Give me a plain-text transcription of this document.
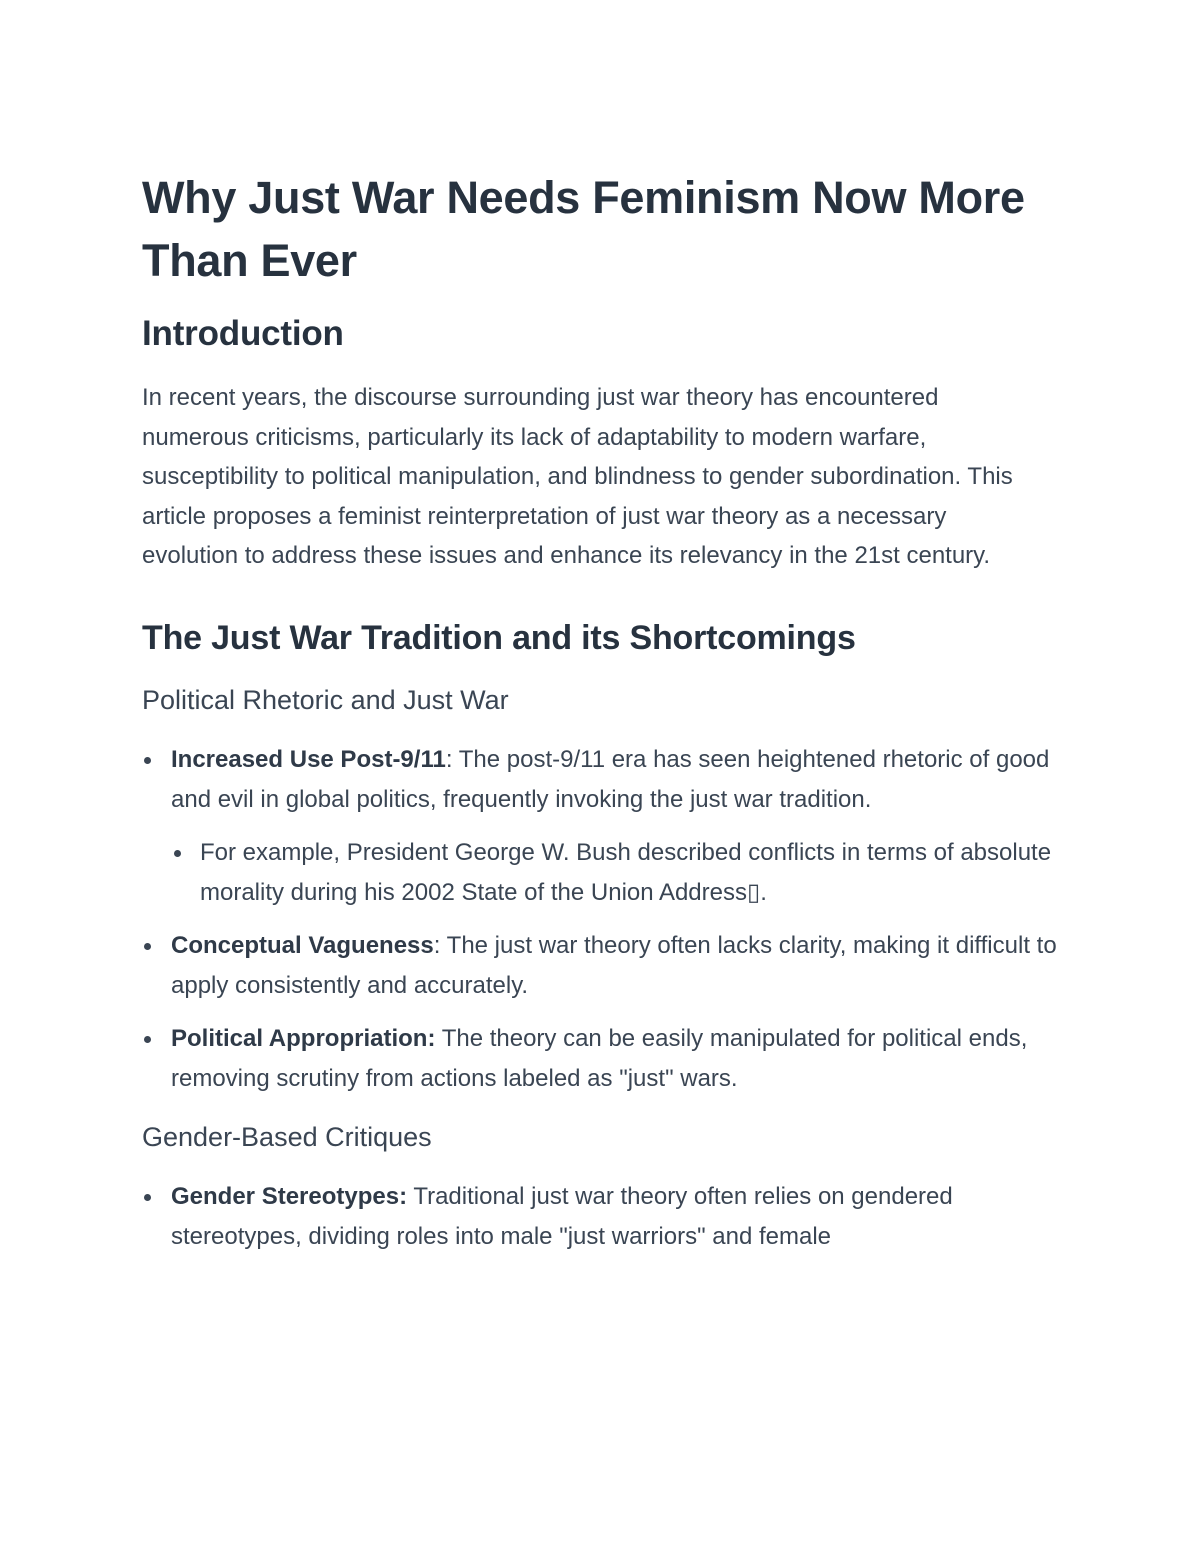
Why Just War Needs Feminism Now More Than Ever
Introduction

In recent years, the discourse surrounding just war theory has encountered numerous criticisms, particularly its lack of adaptability to modern warfare, susceptibility to political manipulation, and blindness to gender subordination. This article proposes a feminist reinterpretation of just war theory as a necessary evolution to address these issues and enhance its relevancy in the 21st century.

The Just War Tradition and its Shortcomings
Political Rhetoric and Just War
Increased Use Post-9/11: The post-9/11 era has seen heightened rhetoric of good and evil in global politics, frequently invoking the just war tradition.
For example, President George W. Bush described conflicts in terms of absolute morality during his 2002 State of the Union Address▯.
Conceptual Vagueness: The just war theory often lacks clarity, making it difficult to apply consistently and accurately.
Political Appropriation: The theory can be easily manipulated for political ends, removing scrutiny from actions labeled as "just" wars.
Gender-Based Critiques
Gender Stereotypes: Traditional just war theory often relies on gendered stereotypes, dividing roles into male "just warriors" and female
